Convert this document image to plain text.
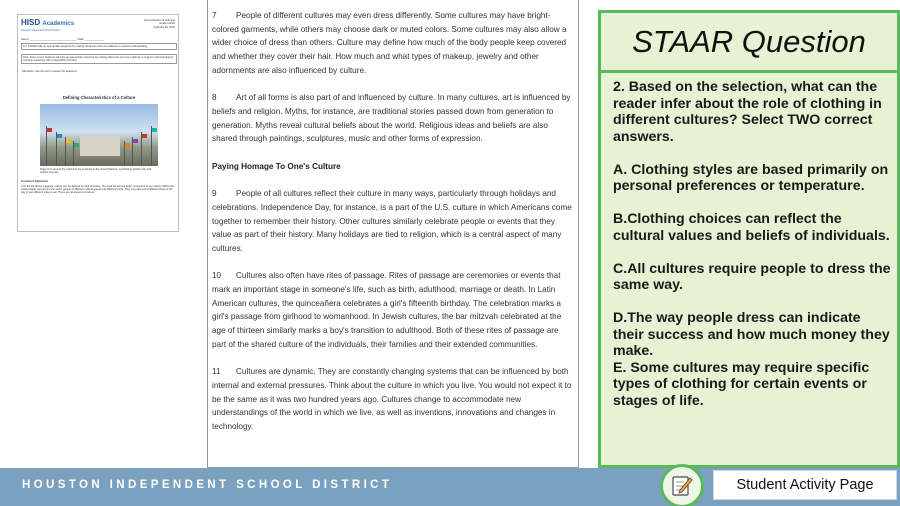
HISD Academics
Houston Independent School District
Demonstration of Learning
Grade 6 ENG
February 25, 2022
Name: ______________________________ Date: ____________
LO: STAAR write an appropriate response by making inferences and use evidence to support understanding.
DOL: Given a text, students will write an appropriate response by making inferences and use evidence to support understanding by correctly answering with at least 80% accuracy.
Directions: Use the text to answer the questions.
Defining Characteristics of a Culture
Flags from around the world line the entrance to the United Nations, symbolizing global unity and cultural diversity.
Common Elements
1 As the list above suggests, culture can be defined by their practices. The food we eat is a large component of our culture. Within the United States and around the world, people of different cultural groups eat different foods. They may also eat at different times of the day or use different tools to eat. These are all aspects of culture.

7 People of different cultures may even dress differently. Some cultures may have bright-colored garments, while others may choose dark or muted colors. Some cultures may also allow a wider choice of dress than others. Culture may define how much of the body people keep covered and whether they cover their hair. How much and what types of makeup, jewelry and other adornments are also influenced by culture.

8 Art of all forms is also part of and influenced by culture. In many cultures, art is influenced by beliefs and religion. Myths, for instance, are traditional stories passed down from generation to generation. Myths reveal cultural beliefs about the world. Religious ideas and beliefs are also shared through paintings, sculptures, music and other forms of expression.

Paying Homage To One's Culture

9 People of all cultures reflect their culture in many ways, particularly through holidays and celebrations. Independence Day, for instance, is a part of the U.S. culture in which Americans come together to remember their history. Other cultures similarly celebrate people or events that they value as part of their history. Many holidays are tied to religion, which is a central aspect of many cultures.

10 Cultures also often have rites of passage. Rites of passage are ceremonies or events that mark an important stage in someone's life, such as birth, adulthood, marriage or death. In Latin American cultures, the quinceañera celebrates a girl's fifteenth birthday. The celebration marks a girl's passage from girlhood to womanhood. In Jewish cultures, the bar mitzvah celebrated at the age of thirteen similarly marks a boy's transition to adulthood. Both of these rites of passage are part of the shared culture of the individuals, their families and their extended communities.

11 Cultures are dynamic. They are constantly changing systems that can be influenced by both internal and external pressures. Think about the culture in which you live. You would not expect it to be the same as it was two hundred years ago. Cultures change to accommodate new understandings of the world in which we live, as well as inventions, innovations and changes in technology.

STAAR Question
2. Based on the selection, what can the reader infer about the role of clothing in different cultures? Select TWO correct answers.
A. Clothing styles are based primarily on personal preferences or temperature.
B.Clothing choices can reflect the cultural values and beliefs of individuals.
C.All cultures require people to dress the same way.
D.The way people dress can indicate their success and how much money they make.
E. Some cultures may require specific types of clothing for certain events or stages of life.
HOUSTON INDEPENDENT SCHOOL DISTRICT	Student Activity Page
